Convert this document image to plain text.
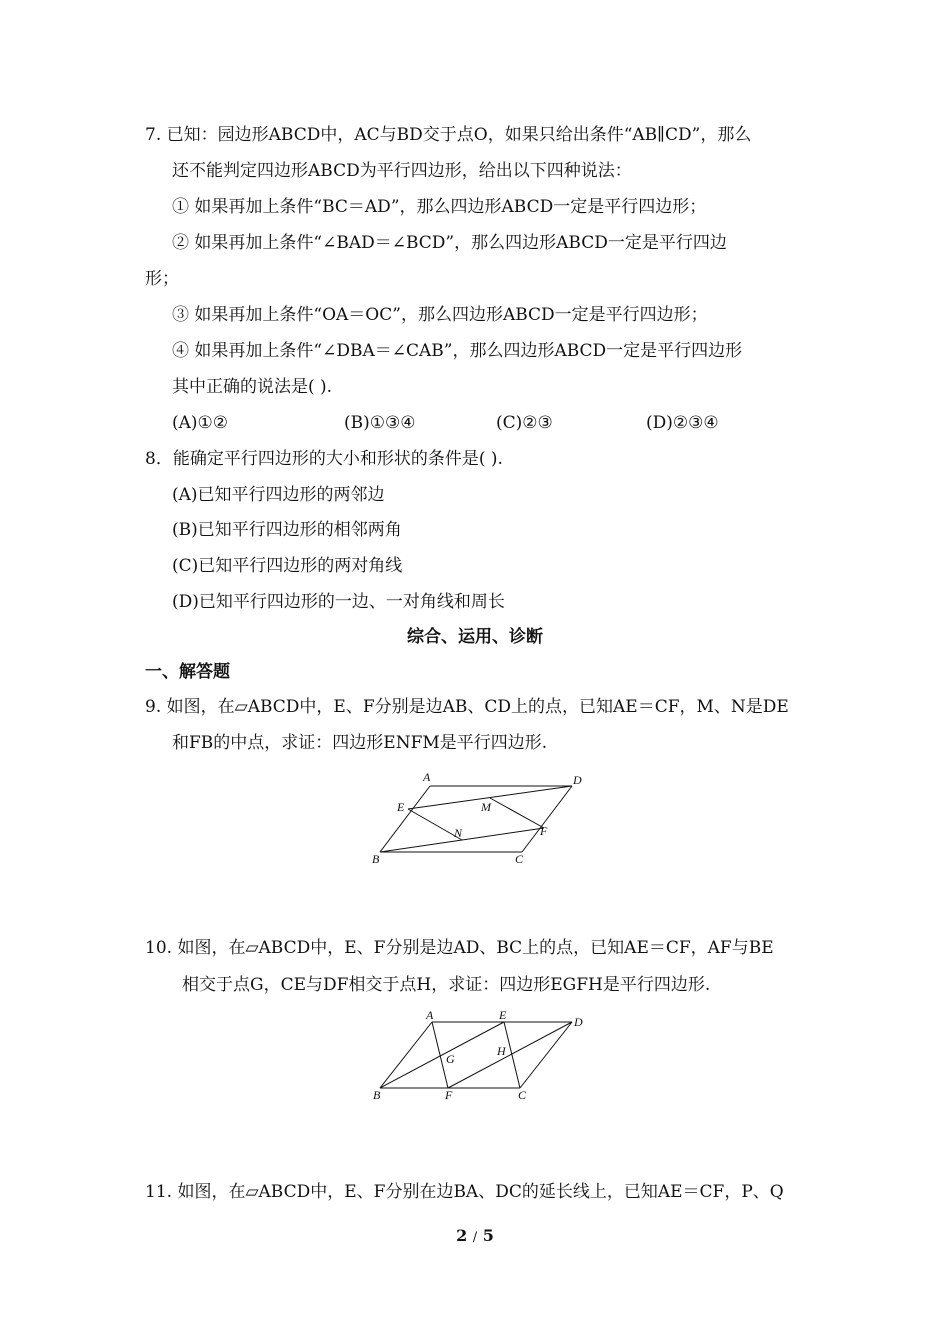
7. 已知：园边形ABCD中，AC与BD交于点O，如果只给出条件“AB∥CD”，那么
还不能判定四边形ABCD为平行四边形，给出以下四种说法：
① 如果再加上条件“BC＝AD”，那么四边形ABCD一定是平行四边形；
② 如果再加上条件“∠BAD＝∠BCD”，那么四边形ABCD一定是平行四边
形；
③ 如果再加上条件“OA＝OC”，那么四边形ABCD一定是平行四边形；
④ 如果再加上条件“∠DBA＝∠CAB”，那么四边形ABCD一定是平行四边形
其中正确的说法是( ).
(A)①②	(B)①③④	(C)②③	(D)②③④
8．能确定平行四边形的大小和形状的条件是( ).
(A)已知平行四边形的两邻边
(B)已知平行四边形的相邻两角
(C)已知平行四边形的两对角线
(D)已知平行四边形的一边、一对角线和周长
综合、运用、诊断
一、解答题
9. 如图，在▱ABCD中，E、F分别是边AB、CD上的点，已知AE＝CF，M、N是DE
和FB的中点，求证：四边形ENFM是平行四边形.
A	D
E	M
N	F
B	C
10. 如图，在▱ABCD中，E、F分别是边AD、BC上的点，已知AE＝CF，AF与BE
相交于点G，CE与DF相交于点H，求证：四边形EGFH是平行四边形.
A	E	D
G
H
B	F	C
11. 如图，在▱ABCD中，E、F分别在边BA、DC的延长线上，已知AE＝CF，P、Q
2 / 5
